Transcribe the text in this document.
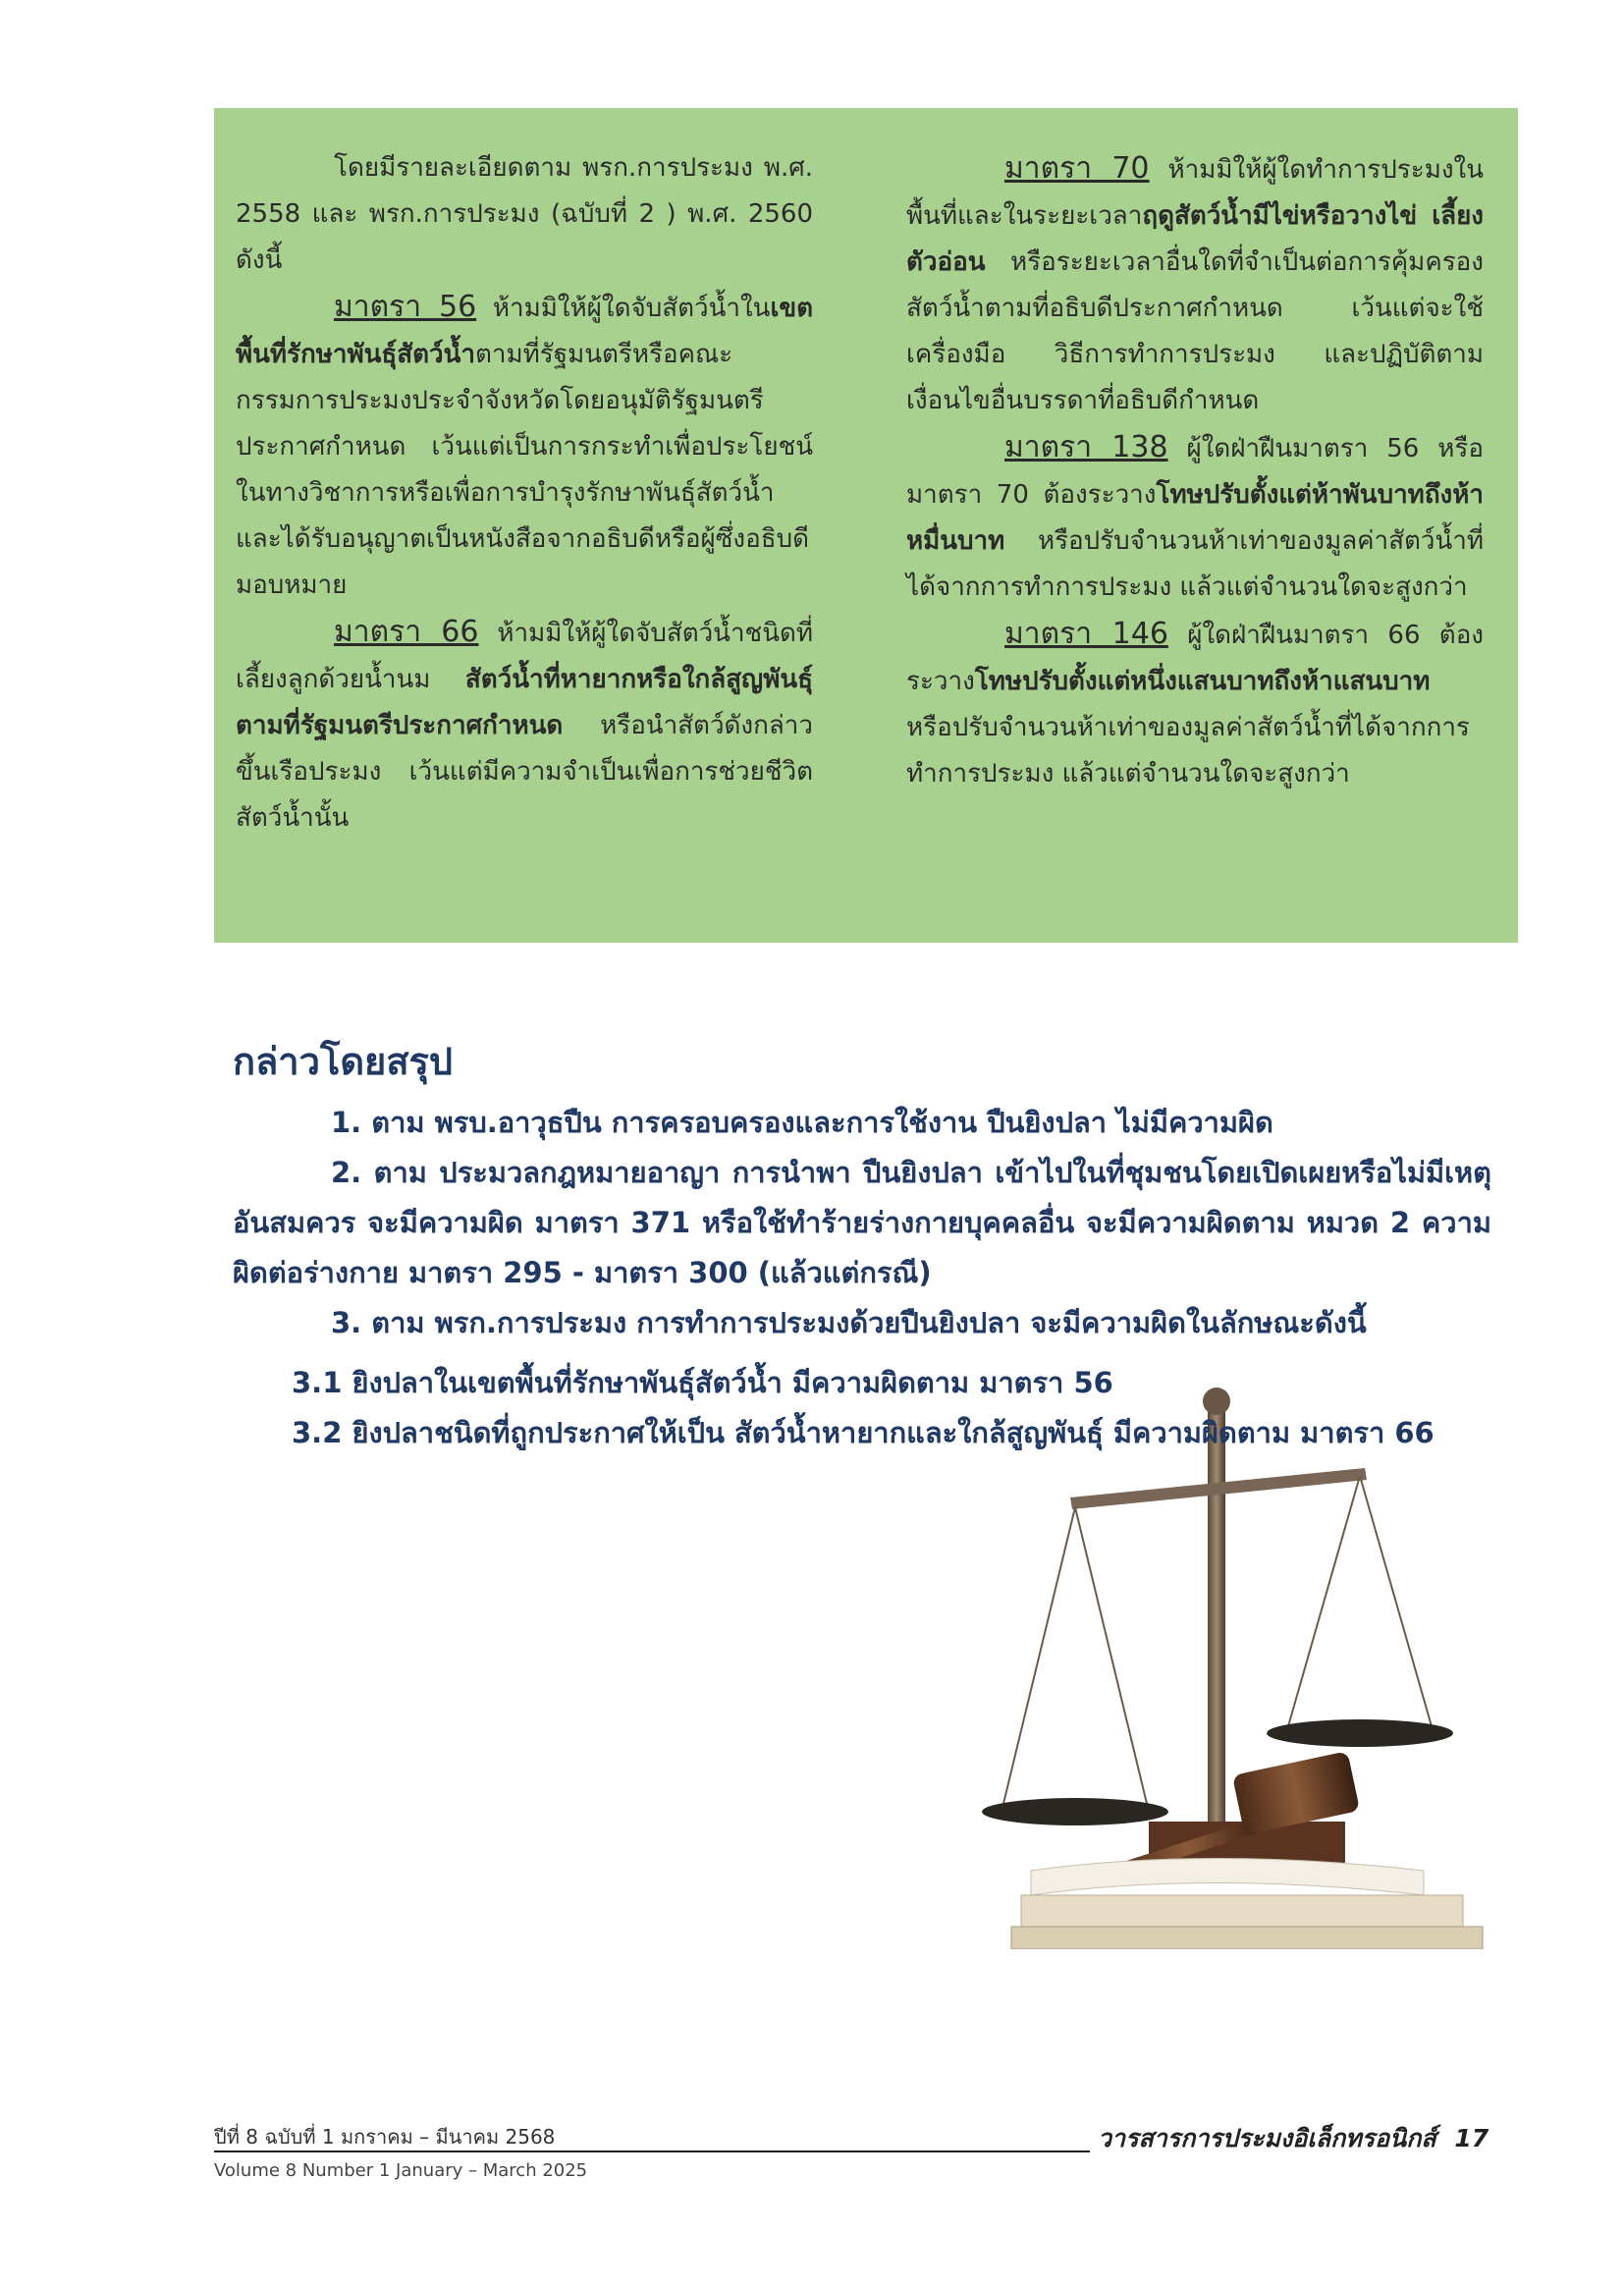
โดยมีรายละเอียดตาม พรก.การประมง พ.ศ. 2558 และ พรก.การประมง (ฉบับที่ 2 ) พ.ศ. 2560 ดังนี้

มาตรา 56 ห้ามมิให้ผู้ใดจับสัตว์น้ำในเขตพื้นที่รักษาพันธุ์สัตว์น้ำตามที่รัฐมนตรีหรือคณะกรรมการประมงประจำจังหวัดโดยอนุมัติรัฐมนตรีประกาศกำหนด เว้นแต่เป็นการกระทำเพื่อประโยชน์ในทางวิชาการหรือเพื่อการบำรุงรักษาพันธุ์สัตว์น้ำ และได้รับอนุญาตเป็นหนังสือจากอธิบดีหรือผู้ซึ่งอธิบดีมอบหมาย

มาตรา 66 ห้ามมิให้ผู้ใดจับสัตว์น้ำชนิดที่เลี้ยงลูกด้วยน้ำนม สัตว์น้ำที่หายากหรือใกล้สูญพันธุ์ตามที่รัฐมนตรีประกาศกำหนด หรือนำสัตว์ดังกล่าวขึ้นเรือประมง เว้นแต่มีความจำเป็นเพื่อการช่วยชีวิตสัตว์น้ำนั้น

มาตรา 70 ห้ามมิให้ผู้ใดทำการประมงในพื้นที่และในระยะเวลาฤดูสัตว์น้ำมีไข่หรือวางไข่ เลี้ยงตัวอ่อน หรือระยะเวลาอื่นใดที่จำเป็นต่อการคุ้มครองสัตว์น้ำตามที่อธิบดีประกาศกำหนด เว้นแต่จะใช้เครื่องมือ วิธีการทำการประมง และปฏิบัติตามเงื่อนไขอื่นบรรดาที่อธิบดีกำหนด

มาตรา 138 ผู้ใดฝ่าฝืนมาตรา 56 หรือมาตรา 70 ต้องระวางโทษปรับตั้งแต่ห้าพันบาทถึงห้าหมื่นบาท หรือปรับจำนวนห้าเท่าของมูลค่าสัตว์น้ำที่ได้จากการทำการประมง แล้วแต่จำนวนใดจะสูงกว่า

มาตรา 146 ผู้ใดฝ่าฝืนมาตรา 66 ต้องระวางโทษปรับตั้งแต่หนึ่งแสนบาทถึงห้าแสนบาท หรือปรับจำนวนห้าเท่าของมูลค่าสัตว์น้ำที่ได้จากการทำการประมง แล้วแต่จำนวนใดจะสูงกว่า

กล่าวโดยสรุป

1. ตาม พรบ.อาวุธปืน การครอบครองและการใช้งาน ปืนยิงปลา ไม่มีความผิด

2. ตาม ประมวลกฎหมายอาญา การนำพา ปืนยิงปลา เข้าไปในที่ชุมชนโดยเปิดเผยหรือไม่มีเหตุอันสมควร จะมีความผิด มาตรา 371 หรือใช้ทำร้ายร่างกายบุคคลอื่น จะมีความผิดตาม หมวด 2 ความผิดต่อร่างกาย มาตรา 295 - มาตรา 300 (แล้วแต่กรณี)

3. ตาม พรก.การประมง การทำการประมงด้วยปืนยิงปลา จะมีความผิดในลักษณะดังนี้

3.1 ยิงปลาในเขตพื้นที่รักษาพันธุ์สัตว์น้ำ มีความผิดตาม มาตรา 56

3.2 ยิงปลาชนิดที่ถูกประกาศให้เป็น สัตว์น้ำหายากและใกล้สูญพันธุ์ มีความผิดตาม มาตรา 66

ปีที่ 8 ฉบับที่ 1 มกราคม – มีนาคม 2568
Volume 8 Number 1 January – March 2025
วารสารการประมงอิเล็กทรอนิกส์ 17
